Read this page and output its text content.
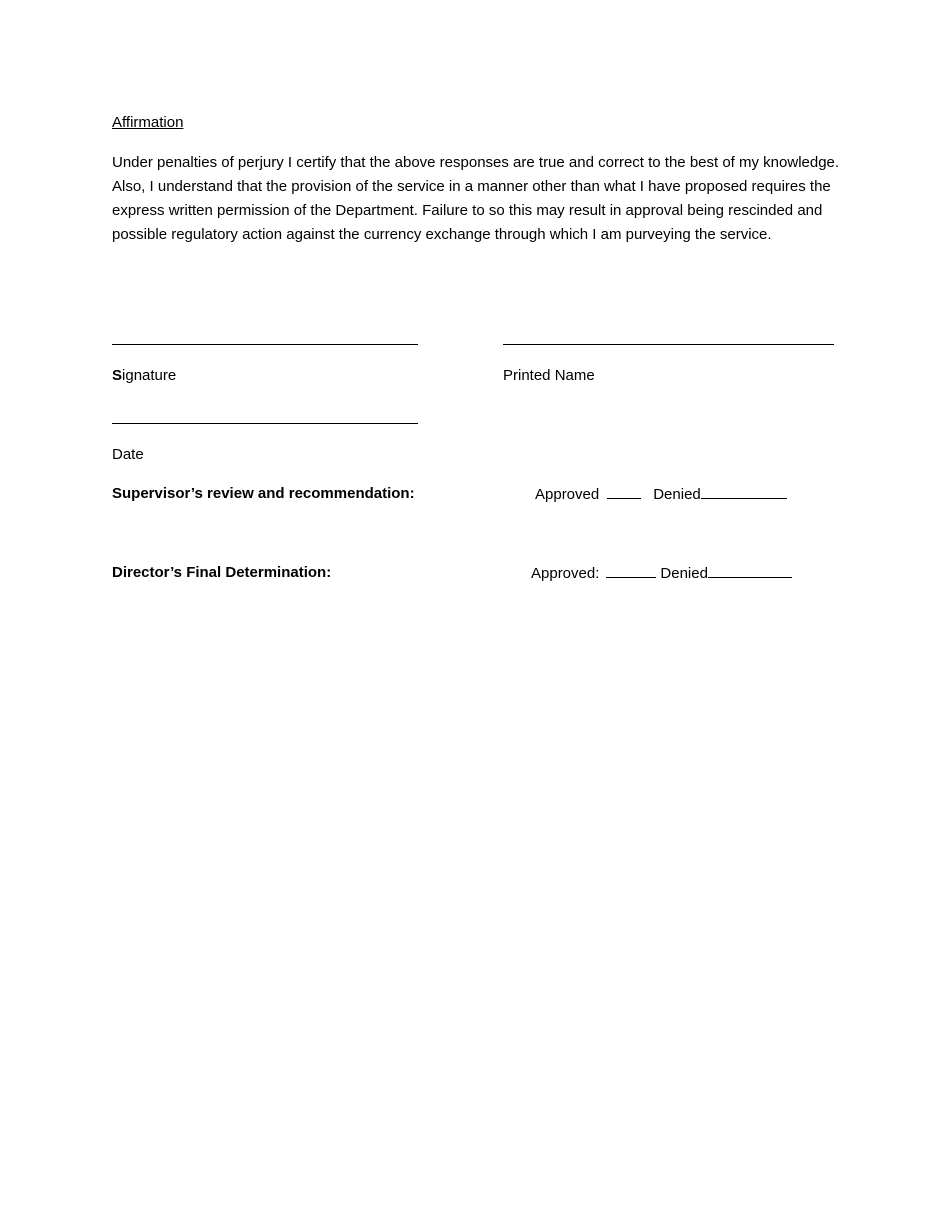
Affirmation
Under penalties of perjury I certify that the above responses are true and correct to the best of my knowledge. Also, I understand that the provision of the service in a manner other than what I have proposed requires the express written permission of the Department. Failure to so this may result in approval being rescinded and possible regulatory action against the currency exchange through which I am purveying the service.
Signature	Printed Name
Date
Supervisor’s review and recommendation:	Approved	Denied
Director’s Final Determination:	Approved:	Denied
